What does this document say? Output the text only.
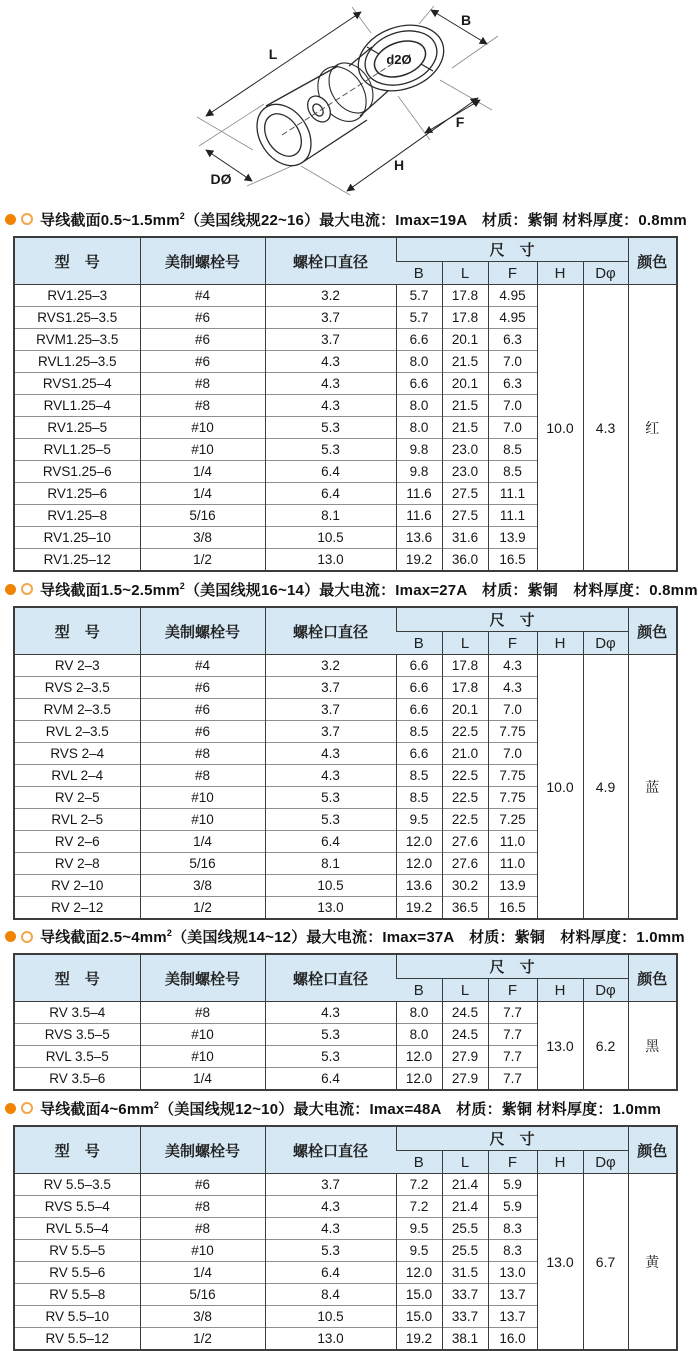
L
B
F
H
DØ
d2Ø
导线截面$0.5\sim 1.5mm^2$（美国线规22~16）最大电流：Imax=19A　材质：紫铜 材料厚度：0.8mm
型　号	美制螺栓号	螺栓口直径	尺　寸					颜色
			B	L	F	H	Dφ	
RV1.25–3	#4	3.2	5.7	17.8	4.95	10.0	4.3	红
RVS1.25–3.5	#6	3.7	5.7	17.8	4.95			
RVM1.25–3.5	#6	3.7	6.6	20.1	6.3			
RVL1.25–3.5	#6	4.3	8.0	21.5	7.0			
RVS1.25–4	#8	4.3	6.6	20.1	6.3			
RVL1.25–4	#8	4.3	8.0	21.5	7.0			
RV1.25–5	#10	5.3	8.0	21.5	7.0			
RVL1.25–5	#10	5.3	9.8	23.0	8.5			
RVS1.25–6	1/4	6.4	9.8	23.0	8.5			
RV1.25–6	1/4	6.4	11.6	27.5	11.1			
RV1.25–8	5/16	8.1	11.6	27.5	11.1			
RV1.25–10	3/8	10.5	13.6	31.6	13.9			
RV1.25–12	1/2	13.0	19.2	36.0	16.5			
导线截面$1.5\sim 2.5mm^2$（美国线规16~14）最大电流：Imax=27A　材质：紫铜　材料厚度：0.8mm
型　号	美制螺栓号	螺栓口直径	尺　寸					颜色
			B	L	F	H	Dφ	
RV 2–3	#4	3.2	6.6	17.8	4.3	10.0	4.9	蓝
RVS 2–3.5	#6	3.7	6.6	17.8	4.3			
RVM 2–3.5	#6	3.7	6.6	20.1	7.0			
RVL 2–3.5	#6	3.7	8.5	22.5	7.75			
RVS 2–4	#8	4.3	6.6	21.0	7.0			
RVL 2–4	#8	4.3	8.5	22.5	7.75			
RV 2–5	#10	5.3	8.5	22.5	7.75			
RVL 2–5	#10	5.3	9.5	22.5	7.25			
RV 2–6	1/4	6.4	12.0	27.6	11.0			
RV 2–8	5/16	8.1	12.0	27.6	11.0			
RV 2–10	3/8	10.5	13.6	30.2	13.9			
RV 2–12	1/2	13.0	19.2	36.5	16.5			
导线截面$2.5\sim 4mm^2$（美国线规14~12）最大电流：Imax=37A　材质：紫铜　材料厚度：1.0mm
型　号	美制螺栓号	螺栓口直径	尺　寸					颜色
			B	L	F	H	Dφ	
RV 3.5–4	#8	4.3	8.0	24.5	7.7	13.0	6.2	黑
RVS 3.5–5	#10	5.3	8.0	24.5	7.7			
RVL 3.5–5	#10	5.3	12.0	27.9	7.7			
RV 3.5–6	1/4	6.4	12.0	27.9	7.7			
导线截面$4\sim 6mm^2$（美国线规12~10）最大电流：Imax=48A　材质：紫铜 材料厚度：1.0mm
型　号	美制螺栓号	螺栓口直径	尺　寸					颜色
			B	L	F	H	Dφ	
RV 5.5–3.5	#6	3.7	7.2	21.4	5.9	13.0	6.7	黄
RVS 5.5–4	#8	4.3	7.2	21.4	5.9			
RVL 5.5–4	#8	4.3	9.5	25.5	8.3			
RV 5.5–5	#10	5.3	9.5	25.5	8.3			
RV 5.5–6	1/4	6.4	12.0	31.5	13.0			
RV 5.5–8	5/16	8.4	15.0	33.7	13.7			
RV 5.5–10	3/8	10.5	15.0	33.7	13.7			
RV 5.5–12	1/2	13.0	19.2	38.1	16.0			
